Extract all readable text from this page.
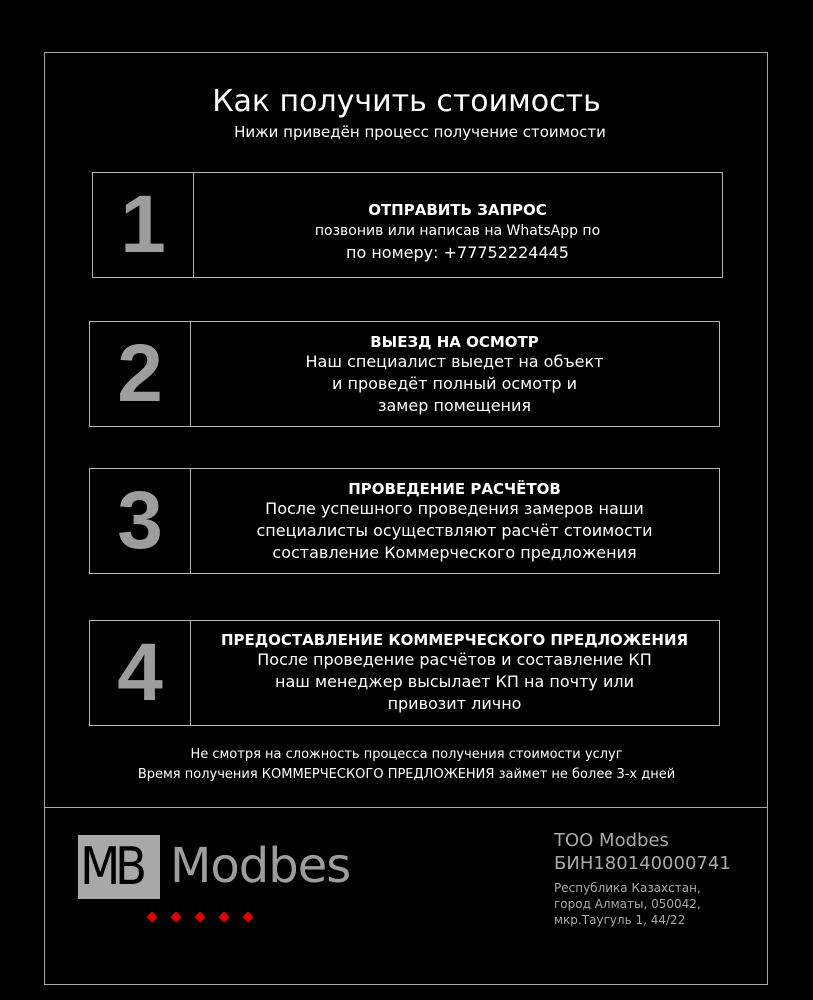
Как получить стоимость
Нижи приведён процесс получение стоимости
1	ОТПРАВИТЬ ЗАПРОС
позвонив или написав на WhatsApp по
по номеру: +77752224445
2	ВЫЕЗД НА ОСМОТР
Наш специалист выедет на объект
и проведёт полный осмотр и
замер помещения
3	ПРОВЕДЕНИЕ РАСЧЁТОВ
После успешного проведения замеров наши
специалисты осуществляют расчёт стоимости
составление Коммерческого предложения
4	ПРЕДОСТАВЛЕНИЕ КОММЕРЧЕСКОГО ПРЕДЛОЖЕНИЯ
После проведение расчётов и составление КП
наш менеджер высылает КП на почту или
привозит лично
Не смотря на сложность процесса получения стоимости услуг
Время получения КОММЕРЧЕСКОГО ПРЕДЛОЖЕНИЯ займет не более 3-х дней
MB Modbes	ТОО Modbes
БИН180140000741
Республика Казахстан,
город Алматы, 050042,
мкр.Таугуль 1, 44/22
